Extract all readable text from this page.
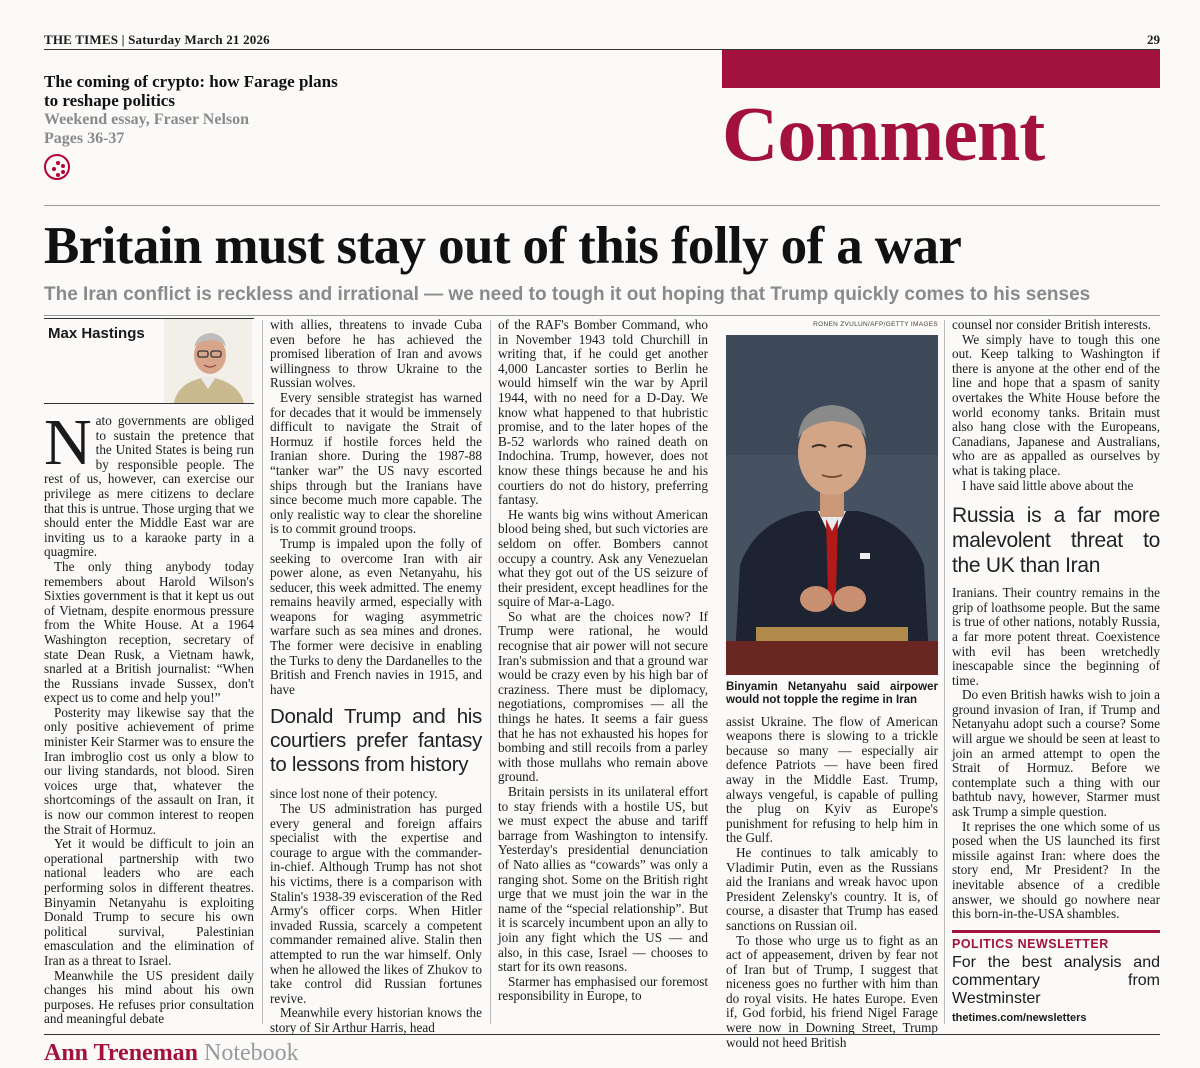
THE TIMES | Saturday March 21 2026	29
The coming of crypto: how Farage plans to reshape politics
Weekend essay, Fraser Nelson
Pages 36-37	Comment
Britain must stay out of this folly of a war
The Iran conflict is reckless and irrational — we need to tough it out hoping that Trump quickly comes to his senses
Max Hastings

Nato governments are obliged to sustain the pretence that the United States is being run by responsible people. The rest of us, however, can exercise our privilege as mere citizens to declare that this is untrue. Those urging that we should enter the Middle East war are inviting us to a karaoke party in a quagmire.

The only thing anybody today remembers about Harold Wilson's Sixties government is that it kept us out of Vietnam, despite enormous pressure from the White House. At a 1964 Washington reception, secretary of state Dean Rusk, a Vietnam hawk, snarled at a British journalist: “When the Russians invade Sussex, don't expect us to come and help you!”

Posterity may likewise say that the only positive achievement of prime minister Keir Starmer was to ensure the Iran imbroglio cost us only a blow to our living standards, not blood. Siren voices urge that, whatever the shortcomings of the assault on Iran, it is now our common interest to reopen the Strait of Hormuz.

Yet it would be difficult to join an operational partnership with two national leaders who are each performing solos in different theatres. Binyamin Netanyahu is exploiting Donald Trump to secure his own political survival, Palestinian emasculation and the elimination of Iran as a threat to Israel.

Meanwhile the US president daily changes his mind about his own purposes. He refuses prior consultation and meaningful debate

with allies, threatens to invade Cuba even before he has achieved the promised liberation of Iran and avows willingness to throw Ukraine to the Russian wolves.

Every sensible strategist has warned for decades that it would be immensely difficult to navigate the Strait of Hormuz if hostile forces held the Iranian shore. During the 1987-88 “tanker war” the US navy escorted ships through but the Iranians have since become much more capable. The only realistic way to clear the shoreline is to commit ground troops.

Trump is impaled upon the folly of seeking to overcome Iran with air power alone, as even Netanyahu, his seducer, this week admitted. The enemy remains heavily armed, especially with weapons for waging asymmetric warfare such as sea mines and drones. The former were decisive in enabling the Turks to deny the Dardanelles to the British and French navies in 1915, and have

Donald Trump and his courtiers prefer fantasy to lessons from history

since lost none of their potency.

The US administration has purged every general and foreign affairs specialist with the expertise and courage to argue with the commander-in-chief. Although Trump has not shot his victims, there is a comparison with Stalin's 1938-39 evisceration of the Red Army's officer corps. When Hitler invaded Russia, scarcely a competent commander remained alive. Stalin then attempted to run the war himself. Only when he allowed the likes of Zhukov to take control did Russian fortunes revive.

Meanwhile every historian knows the story of Sir Arthur Harris, head

of the RAF's Bomber Command, who in November 1943 told Churchill in writing that, if he could get another 4,000 Lancaster sorties to Berlin he would himself win the war by April 1944, with no need for a D-Day. We know what happened to that hubristic promise, and to the later hopes of the B-52 warlords who rained death on Indochina. Trump, however, does not know these things because he and his courtiers do not do history, preferring fantasy.

He wants big wins without American blood being shed, but such victories are seldom on offer. Bombers cannot occupy a country. Ask any Venezuelan what they got out of the US seizure of their president, except headlines for the squire of Mar-a-Lago.

So what are the choices now? If Trump were rational, he would recognise that air power will not secure Iran's submission and that a ground war would be crazy even by his high bar of craziness. There must be diplomacy, negotiations, compromises — all the things he hates. It seems a fair guess that he has not exhausted his hopes for bombing and still recoils from a parley with those mullahs who remain above ground.

Britain persists in its unilateral effort to stay friends with a hostile US, but we must expect the abuse and tariff barrage from Washington to intensify. Yesterday's presidential denunciation of Nato allies as “cowards” was only a ranging shot. Some on the British right urge that we must join the war in the name of the “special relationship”. But it is scarcely incumbent upon an ally to join any fight which the US — and also, in this case, Israel — chooses to start for its own reasons.

Starmer has emphasised our foremost responsibility in Europe, to

RONEN ZVULUN/AFP/GETTY IMAGES
Binyamin Netanyahu said airpower would not topple the regime in Iran

assist Ukraine. The flow of American weapons there is slowing to a trickle because so many — especially air defence Patriots — have been fired away in the Middle East. Trump, always vengeful, is capable of pulling the plug on Kyiv as Europe's punishment for refusing to help him in the Gulf.

He continues to talk amicably to Vladimir Putin, even as the Russians aid the Iranians and wreak havoc upon President Zelensky's country. It is, of course, a disaster that Trump has eased sanctions on Russian oil.

To those who urge us to fight as an act of appeasement, driven by fear not of Iran but of Trump, I suggest that niceness goes no further with him than do royal visits. He hates Europe. Even if, God forbid, his friend Nigel Farage were now in Downing Street, Trump would not heed British

counsel nor consider British interests.

We simply have to tough this one out. Keep talking to Washington if there is anyone at the other end of the line and hope that a spasm of sanity overtakes the White House before the world economy tanks. Britain must also hang close with the Europeans, Canadians, Japanese and Australians, who are as appalled as ourselves by what is taking place.

I have said little above about the

Russia is a far more malevolent threat to the UK than Iran

Iranians. Their country remains in the grip of loathsome people. But the same is true of other nations, notably Russia, a far more potent threat. Coexistence with evil has been wretchedly inescapable since the beginning of time.

Do even British hawks wish to join a ground invasion of Iran, if Trump and Netanyahu adopt such a course? Some will argue we should be seen at least to join an armed attempt to open the Strait of Hormuz. Before we contemplate such a thing with our bathtub navy, however, Starmer must ask Trump a simple question.

It reprises the one which some of us posed when the US launched its first missile against Iran: where does the story end, Mr President? In the inevitable absence of a credible answer, we should go nowhere near this born-in-the-USA shambles.

POLITICS NEWSLETTER
For the best analysis and commentary from Westminster
thetimes.com/newsletters
Ann Treneman Notebook
